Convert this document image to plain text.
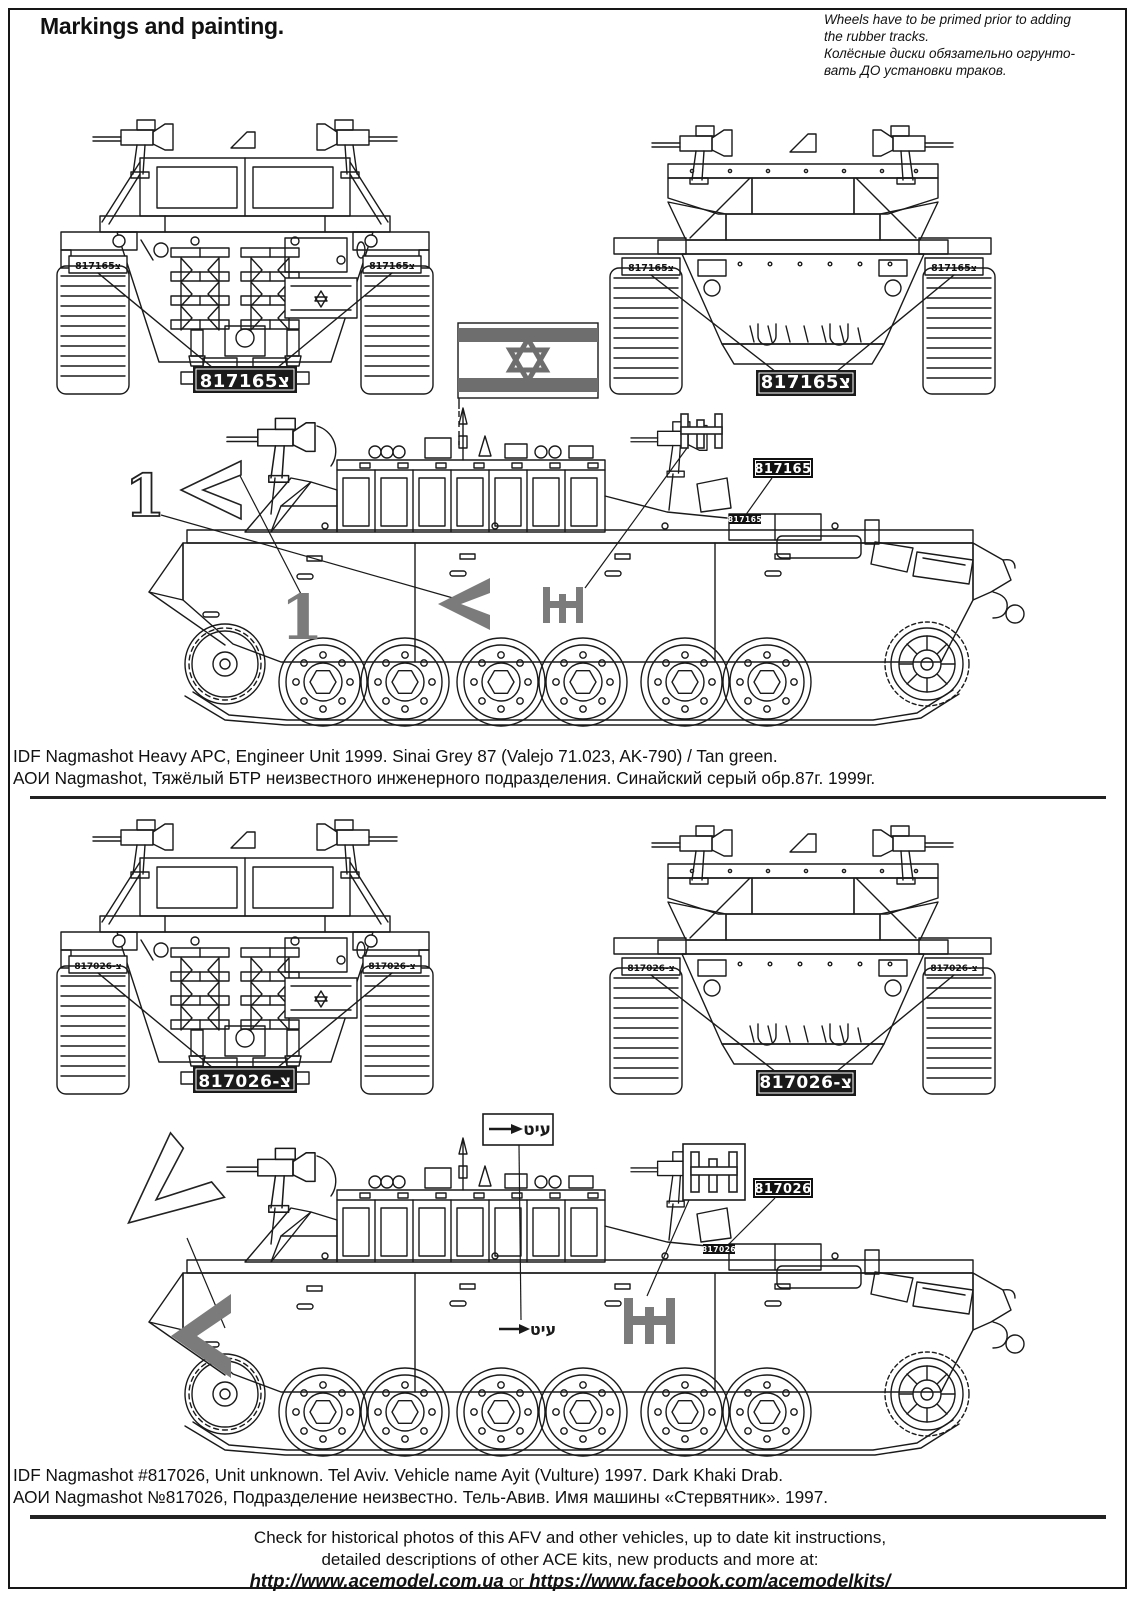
Markings and painting.	Wheels have to be primed prior to adding
the rubber tracks.
Колёсные диски обязательно огрунто-
вать ДО установки траков.
817165צ	817165צ
817165צ
817165צ	817165צ
817165צ
1
1
817165
817165
IDF Nagmashot Heavy APC, Engineer Unit 1999. Sinai Grey 87 (Valejo 71.023, AK-790) / Tan green.
АОИ Nagmashot, Тяжёлый БТР неизвестного инженерного подразделения. Синайский серый обр.87г. 1999г.
817026-צ	817026-צ
817026-צ
817026-צ	817026-צ
817026-צ
עיט
עיט
817026
817026
IDF Nagmashot #817026, Unit unknown. Tel Aviv. Vehicle name Ayit (Vulture) 1997. Dark Khaki Drab.
АОИ Nagmashot №817026, Подразделение неизвестно. Тель-Авив. Имя машины «Стервятник». 1997.
Check for historical photos of this AFV and other vehicles, up to date kit instructions,
detailed descriptions of other ACE kits, new products and more at:
http://www.acemodel.com.ua or https://www.facebook.com/acemodelkits/
